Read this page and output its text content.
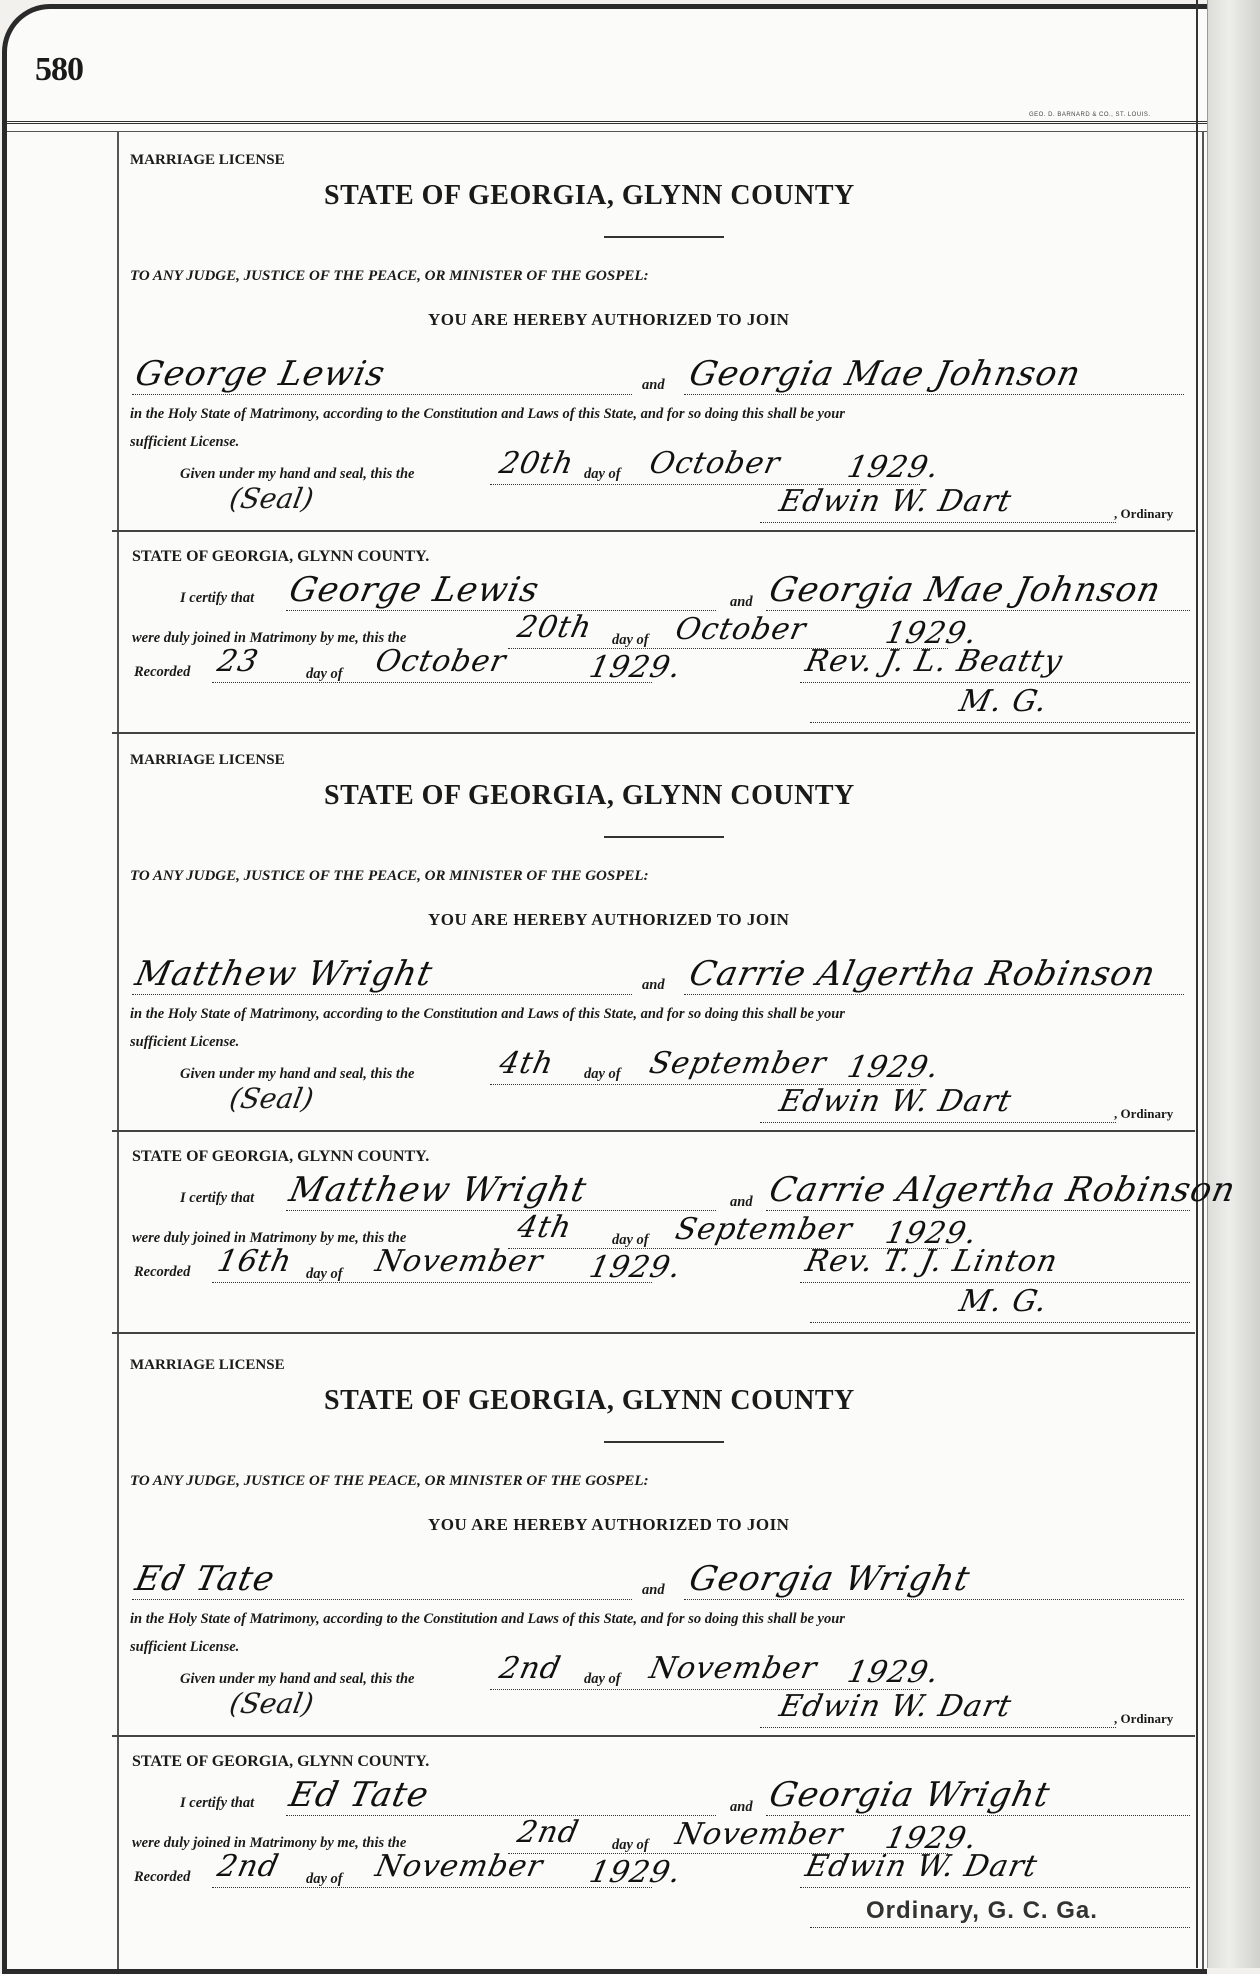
580
GEO. D. BARNARD & CO., ST. LOUIS.
MARRIAGE LICENSE
STATE OF GEORGIA, GLYNN COUNTY
TO ANY JUDGE, JUSTICE OF THE PEACE, OR MINISTER OF THE GOSPEL:
YOU ARE HEREBY AUTHORIZED TO JOIN
George Lewis	and Georgia Mae Johnson
in the Holy State of Matrimony, according to the Constitution and Laws of this State, and for so doing this shall be your
sufficient License.
Given under my hand and seal, this the	20th day of October 1929.
(Seal)	Edwin W. Dart	, Ordinary
STATE OF GEORGIA, GLYNN COUNTY.
I certify that George Lewis	and Georgia Mae Johnson
were duly joined in Matrimony by me, this the	20th day of October 1929.
Recorded 23	day of October	1929.	Rev. J. L. Beatty
M. G.
MARRIAGE LICENSE
STATE OF GEORGIA, GLYNN COUNTY
TO ANY JUDGE, JUSTICE OF THE PEACE, OR MINISTER OF THE GOSPEL:
YOU ARE HEREBY AUTHORIZED TO JOIN
Matthew Wright	and Carrie Algertha Robinson
in the Holy State of Matrimony, according to the Constitution and Laws of this State, and for so doing this shall be your
sufficient License.
Given under my hand and seal, this the	4th day of September 1929.
(Seal)	Edwin W. Dart	, Ordinary
STATE OF GEORGIA, GLYNN COUNTY.
I certify that Matthew Wright	and Carrie Algertha Robinson
were duly joined in Matrimony by me, this the	4th	day of September 1929.
Recorded 16th day of November 1929.	Rev. T. J. Linton
M. G.
MARRIAGE LICENSE
STATE OF GEORGIA, GLYNN COUNTY
TO ANY JUDGE, JUSTICE OF THE PEACE, OR MINISTER OF THE GOSPEL:
YOU ARE HEREBY AUTHORIZED TO JOIN
Ed Tate	and Georgia Wright
in the Holy State of Matrimony, according to the Constitution and Laws of this State, and for so doing this shall be your
sufficient License.
Given under my hand and seal, this the	2nd day of November 1929.
(Seal)	Edwin W. Dart	, Ordinary
STATE OF GEORGIA, GLYNN COUNTY.
I certify that Ed Tate	and Georgia Wright
were duly joined in Matrimony by me, this the	2nd day of November 1929.
Recorded 2nd day of November 1929.	Edwin W. Dart
Ordinary, G. C. Ga.
